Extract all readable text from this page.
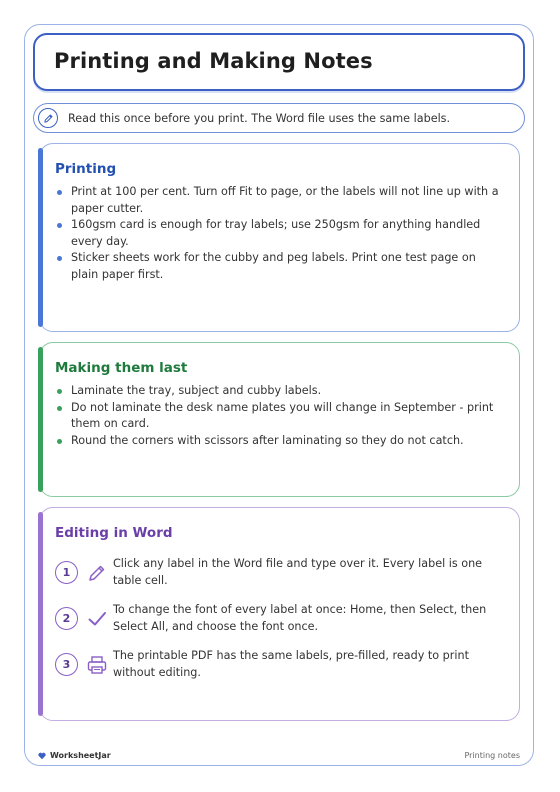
Printing and Making Notes
Read this once before you print. The Word file uses the same labels.
Printing
Print at 100 per cent. Turn off Fit to page, or the labels will not line up with a paper cutter.
160gsm card is enough for tray labels; use 250gsm for anything handled every day.
Sticker sheets work for the cubby and peg labels. Print one test page on plain paper first.
Making them last
Laminate the tray, subject and cubby labels.
Do not laminate the desk name plates you will change in September - print them on card.
Round the corners with scissors after laminating so they do not catch.
Editing in Word
1
Click any label in the Word file and type over it. Every label is one table cell.
2
To change the font of every label at once: Home, then Select, then Select All, and choose the font once.
3
The printable PDF has the same labels, pre-filled, ready to print without editing.
WorksheetJar	Printing notes
